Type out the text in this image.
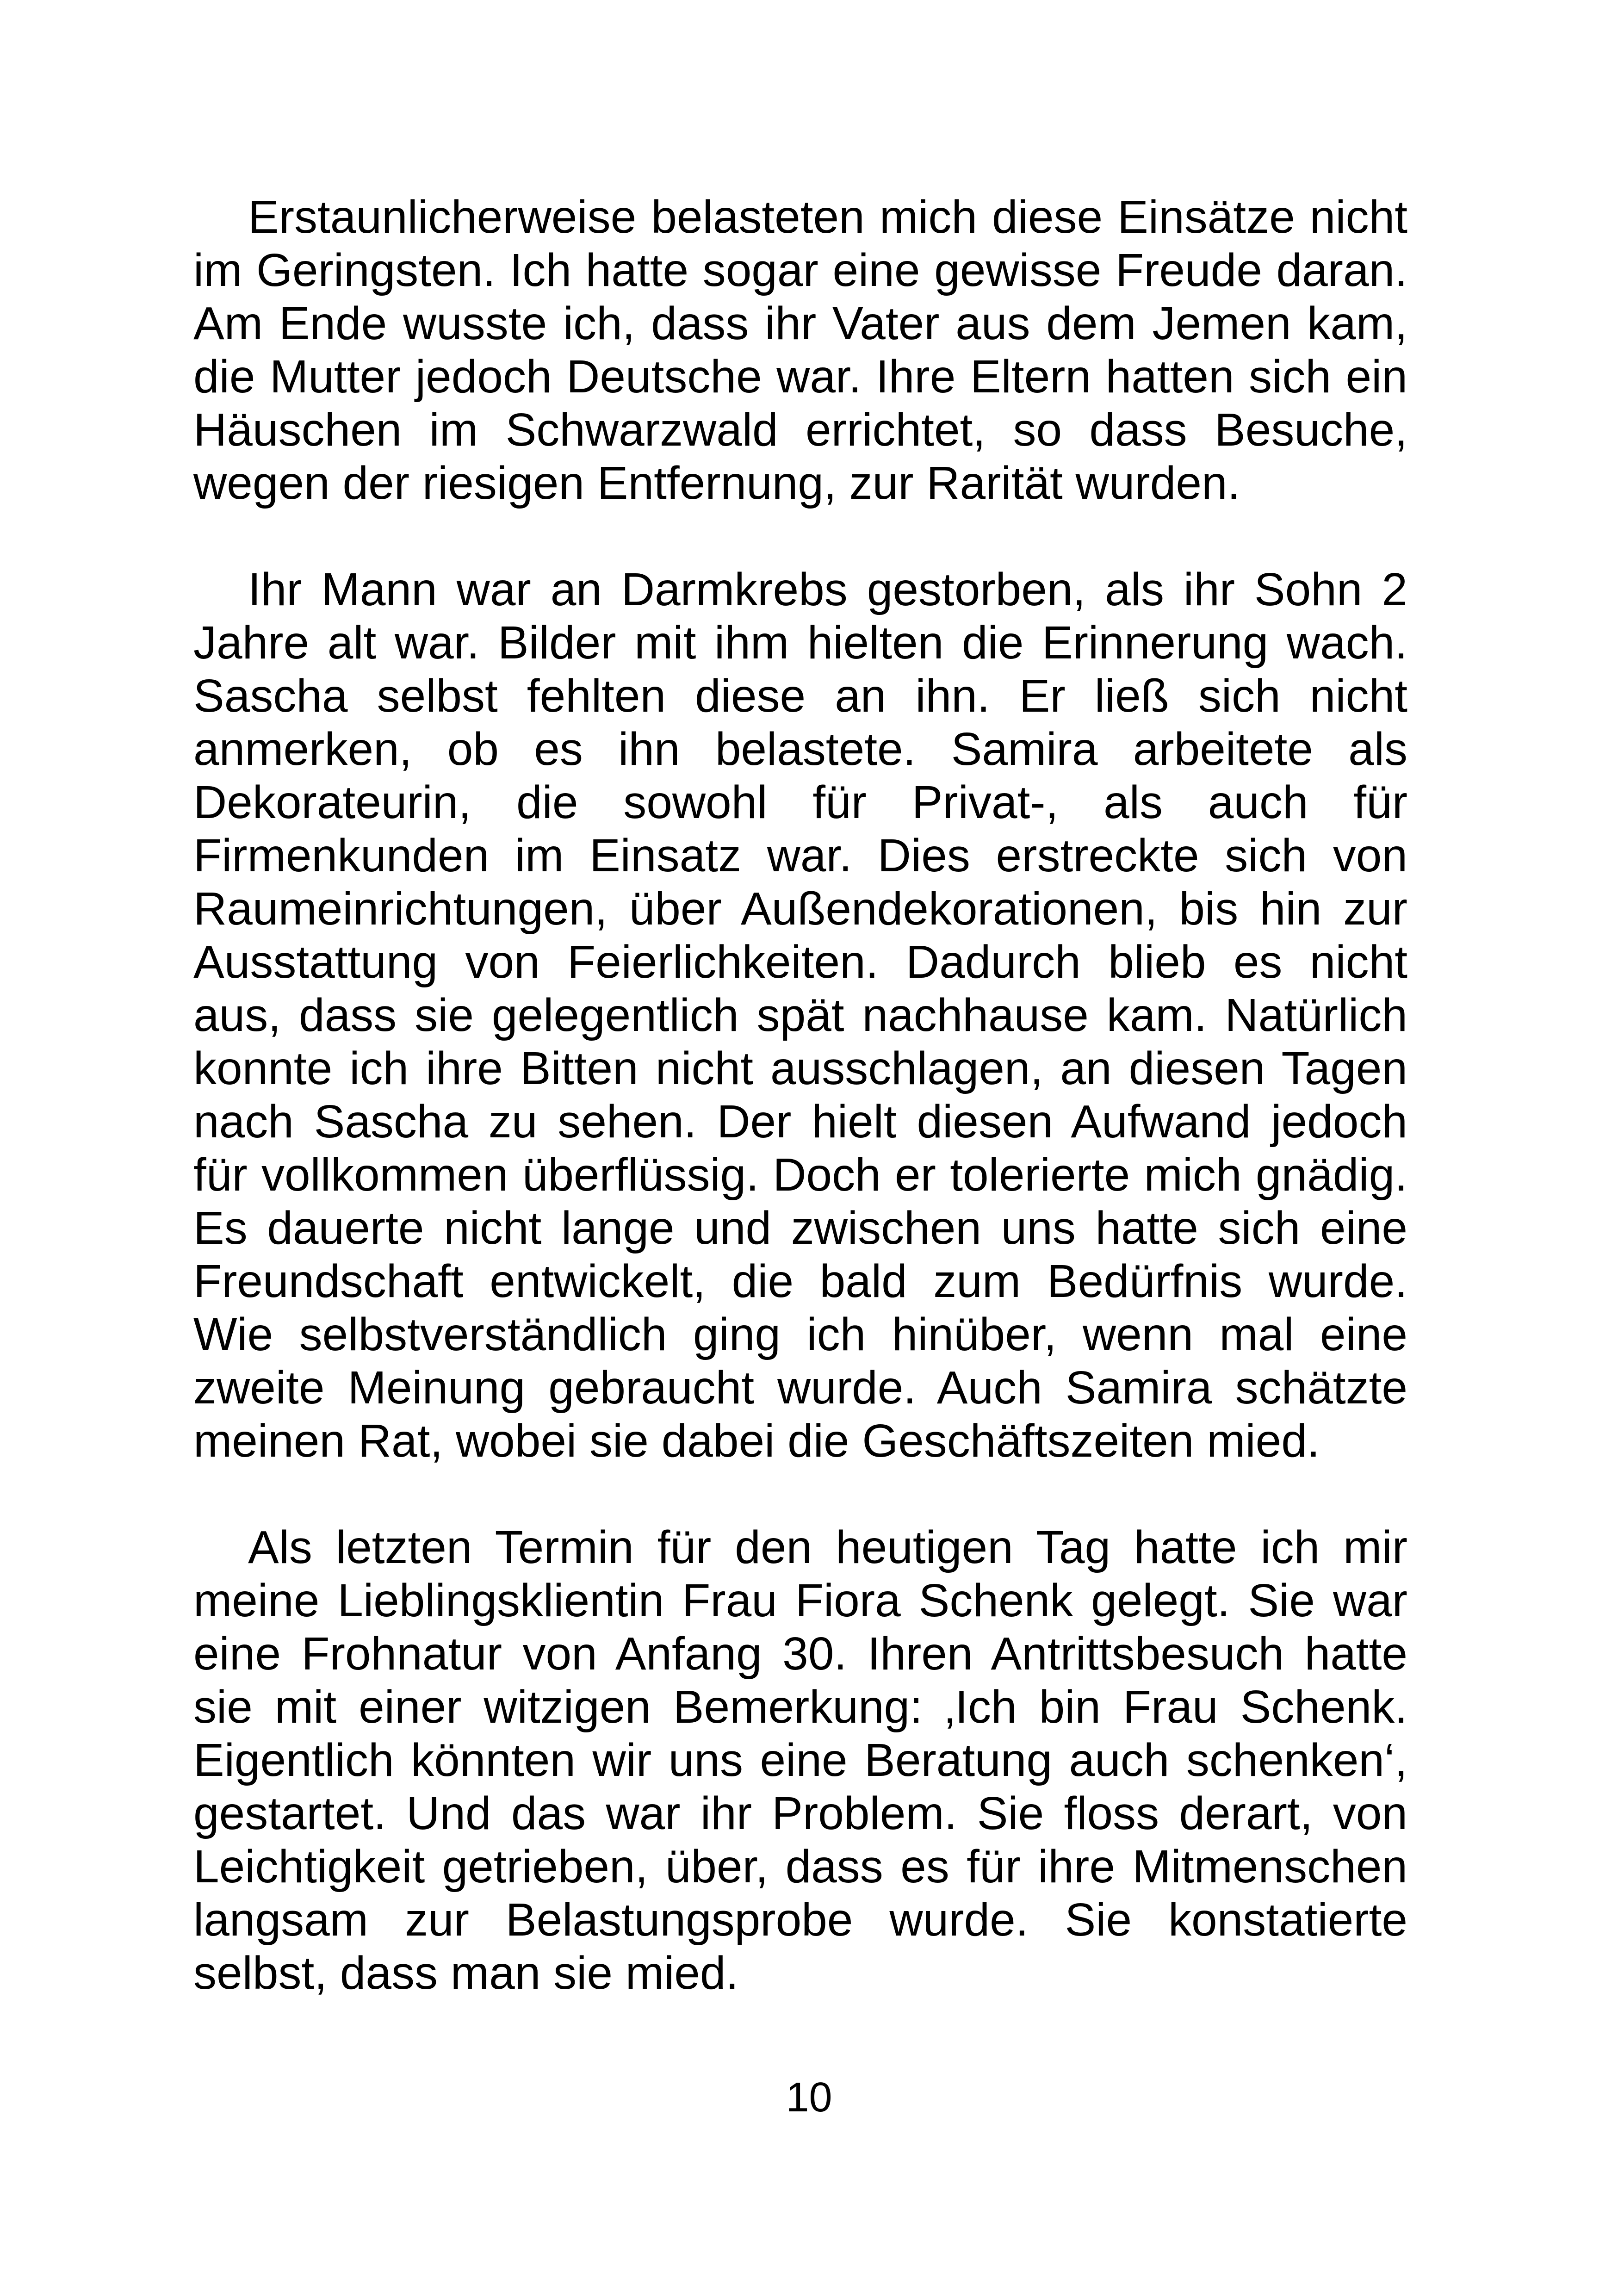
Erstaunlicherweise belasteten mich diese Einsätze nicht im Geringsten. Ich hatte sogar eine gewisse Freude daran. Am Ende wusste ich, dass ihr Vater aus dem Jemen kam, die Mutter jedoch Deutsche war. Ihre Eltern hatten sich ein Häuschen im Schwarzwald errichtet, so dass Besuche, wegen der riesigen Entfernung, zur Rarität wurden.

Ihr Mann war an Darmkrebs gestorben, als ihr Sohn 2 Jahre alt war. Bilder mit ihm hielten die Erinnerung wach. Sascha selbst fehlten diese an ihn. Er ließ sich nicht anmerken, ob es ihn belastete. Samira arbeitete als Dekorateurin, die sowohl für Privat-, als auch für Firmenkunden im Einsatz war. Dies erstreckte sich von Raumeinrichtungen, über Außendekorationen, bis hin zur Ausstattung von Feierlichkeiten. Dadurch blieb es nicht aus, dass sie gelegentlich spät nachhause kam. Natürlich konnte ich ihre Bitten nicht ausschlagen, an diesen Tagen nach Sascha zu sehen. Der hielt diesen Aufwand jedoch für vollkommen überflüssig. Doch er tolerierte mich gnädig. Es dauerte nicht lange und zwischen uns hatte sich eine Freundschaft entwickelt, die bald zum Bedürfnis wurde. Wie selbstverständlich ging ich hinüber, wenn mal eine zweite Meinung gebraucht wurde. Auch Samira schätzte meinen Rat, wobei sie dabei die Geschäftszeiten mied.

Als letzten Termin für den heutigen Tag hatte ich mir meine Lieblingsklientin Frau Fiora Schenk gelegt. Sie war eine Frohnatur von Anfang 30. Ihren Antrittsbesuch hatte sie mit einer witzigen Bemerkung: ‚Ich bin Frau Schenk. Eigentlich könnten wir uns eine Beratung auch schenken‘, gestartet. Und das war ihr Problem. Sie floss derart, von Leichtigkeit getrieben, über, dass es für ihre Mitmenschen langsam zur Belastungsprobe wurde. Sie konstatierte selbst, dass man sie mied.

10
